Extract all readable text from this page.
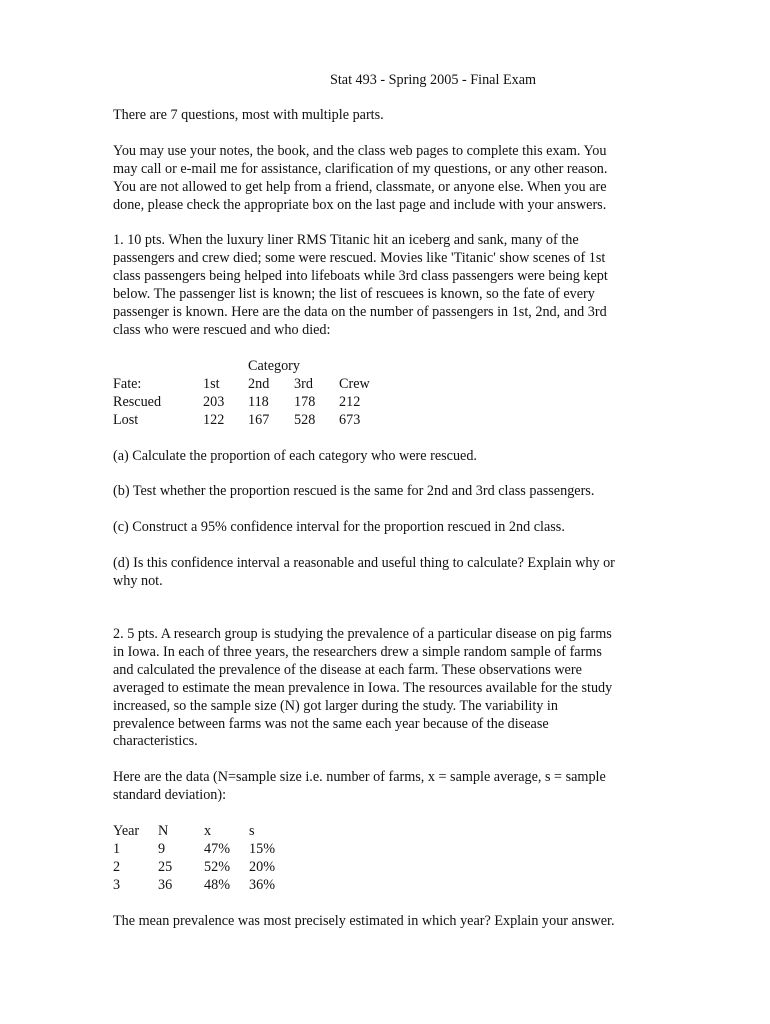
Stat 493 - Spring 2005 - Final Exam

There are 7 questions, most with multiple parts.

You may use your notes, the book, and the class web pages to complete this exam. You
may call or e-mail me for assistance, clarification of my questions, or any other reason.
You are not allowed to get help from a friend, classmate, or anyone else. When you are
done, please check the appropriate box on the last page and include with your answers.

1. 10 pts. When the luxury liner RMS Titanic hit an iceberg and sank, many of the
passengers and crew died; some were rescued. Movies like 'Titanic' show scenes of 1st
class passengers being helped into lifeboats while 3rd class passengers were being kept
below. The passenger list is known; the list of rescuees is known, so the fate of every
passenger is known. Here are the data on the number of passengers in 1st, 2nd, and 3rd
class who were rescued and who died:

		Category		
Fate:	1st	2nd	3rd	Crew
Rescued	203	118	178	212
Lost	122	167	528	673

(a) Calculate the proportion of each category who were rescued.

(b) Test whether the proportion rescued is the same for 2nd and 3rd class passengers.

(c) Construct a 95% confidence interval for the proportion rescued in 2nd class.

(d) Is this confidence interval a reasonable and useful thing to calculate? Explain why or
why not.

2. 5 pts. A research group is studying the prevalence of a particular disease on pig farms
in Iowa. In each of three years, the researchers drew a simple random sample of farms
and calculated the prevalence of the disease at each farm. These observations were
averaged to estimate the mean prevalence in Iowa. The resources available for the study
increased, so the sample size (N) got larger during the study. The variability in
prevalence between farms was not the same each year because of the disease
characteristics.

Here are the data (N=sample size i.e. number of farms, x = sample average, s = sample
standard deviation):

Year	N	x	s
1	9	47%	15%
2	25	52%	20%
3	36	48%	36%

The mean prevalence was most precisely estimated in which year? Explain your answer.
